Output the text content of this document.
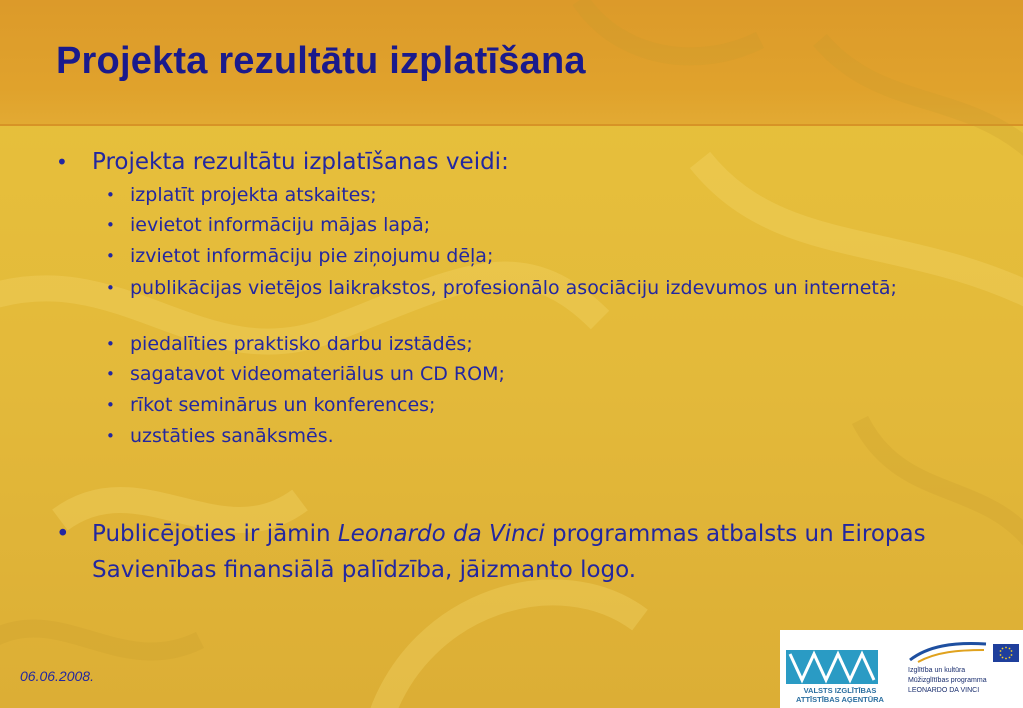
Projekta rezultātu izplatīšana
• Projekta rezultātu izplatīšanas veidi:
• izplatīt projekta atskaites;
• ievietot informāciju mājas lapā;
• izvietot informāciju pie ziņojumu dēļa;
• publikācijas vietējos laikrakstos, profesionālo asociāciju izdevumos un internetā;
• piedalīties praktisko darbu izstādēs;
• sagatavot videomateriālus un CD ROM;
• rīkot seminārus un konferences;
• uzstāties sanāksmēs.
• Publicējoties ir jāmin Leonardo da Vinci programmas atbalsts un Eiropas Savienības finansiālā palīdzība, jāizmanto logo.
06.06.2008.
VALSTS IZGLĪTĪBAS
ATTĪSTĪBAS AĢENTŪRA
Izglītība un kultūra
Mūžizglītības programma
LEONARDO DA VINCI
